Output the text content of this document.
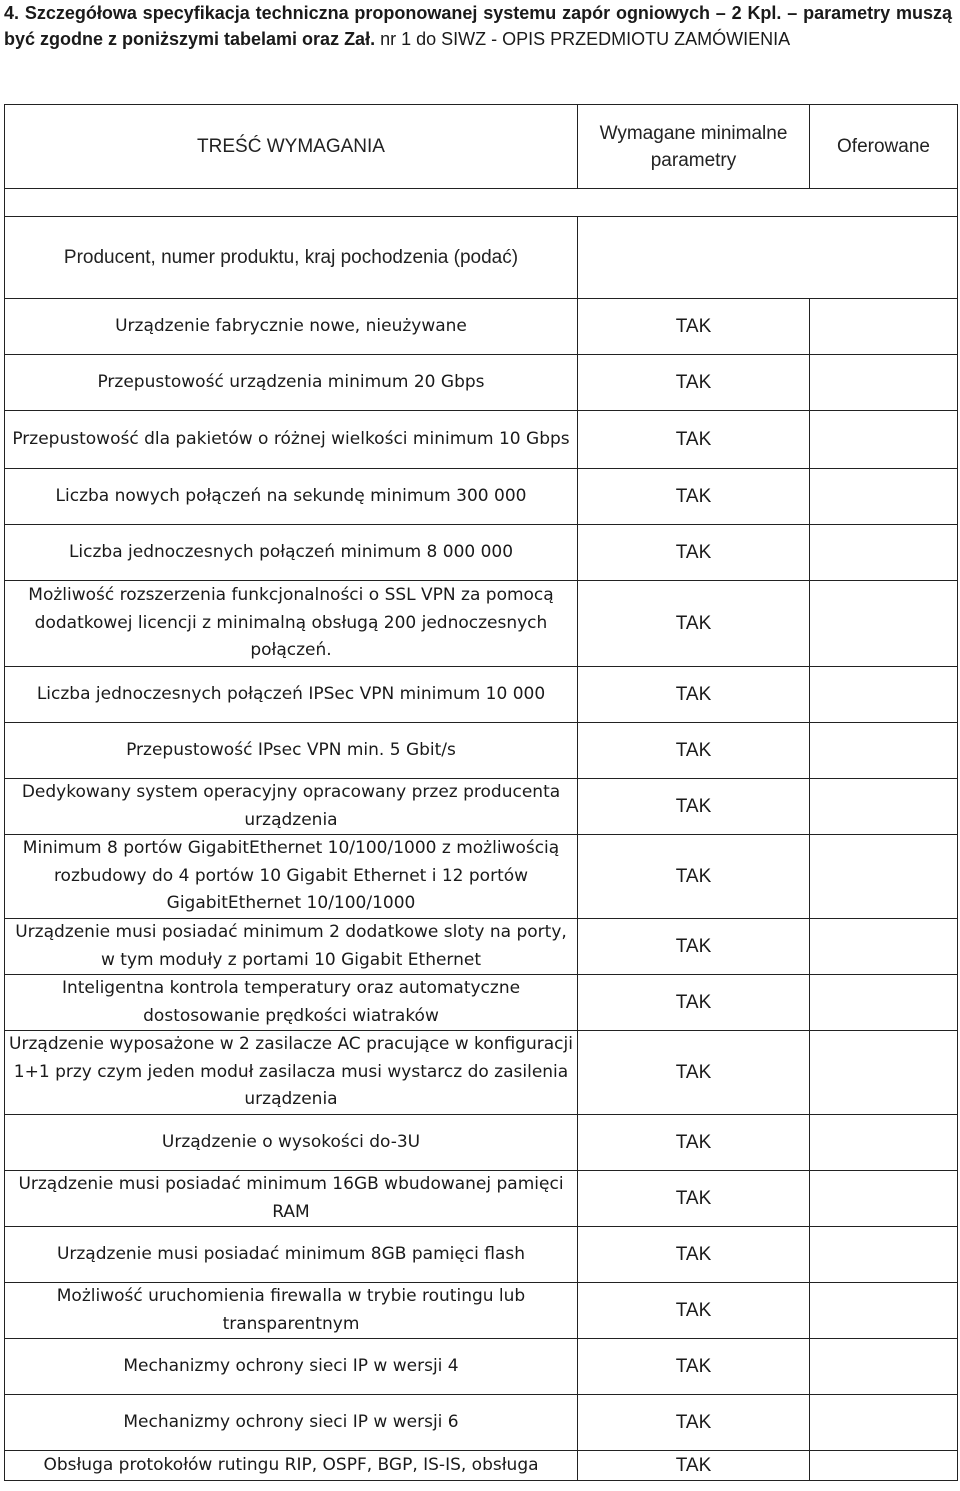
4. Szczegółowa specyfikacja techniczna proponowanej systemu zapór ogniowych – 2 Kpl. – parametry muszą być zgodne z poniższymi tabelami oraz Zał. nr 1 do SIWZ - OPIS PRZEDMIOTU ZAMÓWIENIA
TREŚĆ WYMAGANIA	Wymagane minimalne parametry	Oferowane

Producent, numer produktu, kraj pochodzenia (podać)		
Urządzenie fabrycznie nowe, nieużywane	TAK	
Przepustowość urządzenia minimum 20 Gbps	TAK	
Przepustowość dla pakietów o różnej wielkości minimum 10 Gbps	TAK	
Liczba nowych połączeń na sekundę minimum 300 000	TAK	
Liczba jednoczesnych połączeń minimum 8 000 000	TAK	
Możliwość rozszerzenia funkcjonalności o SSL VPN za pomocą dodatkowej licencji z minimalną obsługą 200 jednoczesnych połączeń.	TAK	
Liczba jednoczesnych połączeń IPSec VPN minimum 10 000	TAK	
Przepustowość IPsec VPN min. 5 Gbit/s	TAK	
Dedykowany system operacyjny opracowany przez producenta urządzenia	TAK	
Minimum 8 portów GigabitEthernet 10/100/1000 z możliwością rozbudowy do 4 portów 10 Gigabit Ethernet i 12 portów GigabitEthernet 10/100/1000	TAK	
Urządzenie musi posiadać minimum 2 dodatkowe sloty na porty, w tym moduły z portami 10 Gigabit Ethernet	TAK	
Inteligentna kontrola temperatury oraz automatyczne dostosowanie prędkości wiatraków	TAK	
Urządzenie wyposażone w 2 zasilacze AC pracujące w konfiguracji 1+1 przy czym jeden moduł zasilacza musi wystarcz do zasilenia urządzenia	TAK	
Urządzenie o wysokości do-3U	TAK	
Urządzenie musi posiadać minimum 16GB wbudowanej pamięci RAM	TAK	
Urządzenie musi posiadać minimum 8GB pamięci flash	TAK	
Możliwość uruchomienia firewalla w trybie routingu lub transparentnym	TAK	
Mechanizmy ochrony sieci IP w wersji 4	TAK	
Mechanizmy ochrony sieci IP w wersji 6	TAK	
Obsługa protokołów rutingu RIP, OSPF, BGP, IS-IS, obsługa	TAK	
